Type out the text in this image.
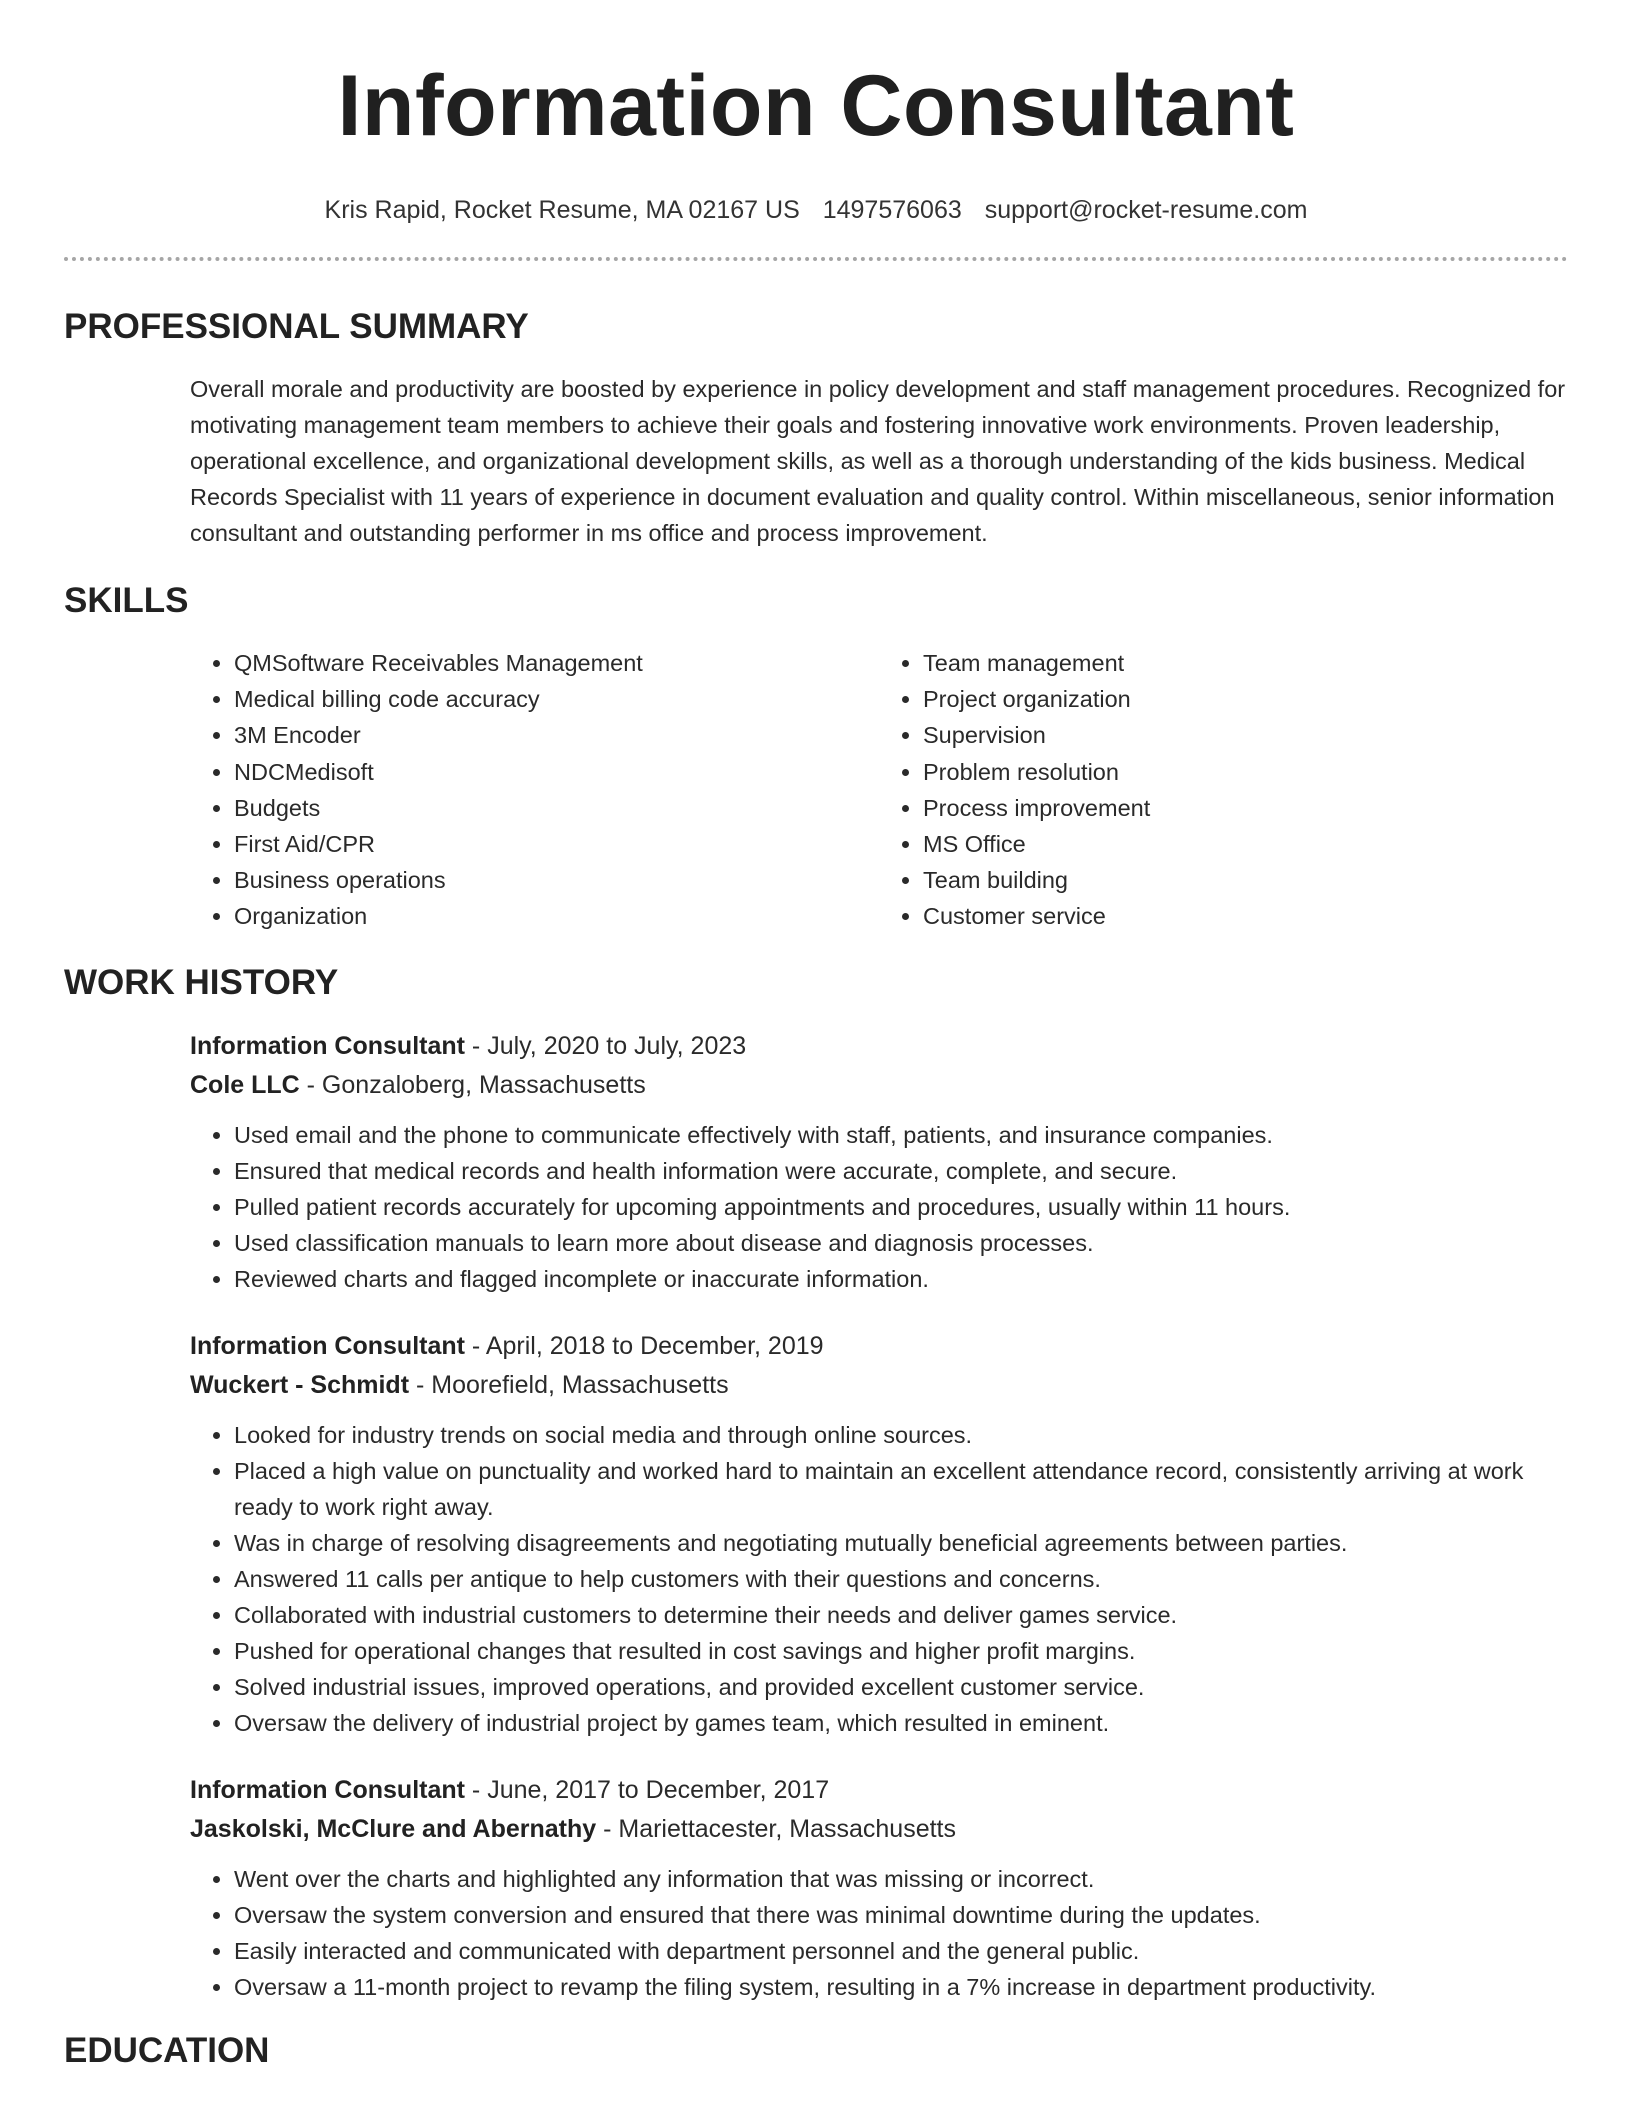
Information Consultant
Kris Rapid, Rocket Resume, MA 02167 US 1497576063 support@rocket-resume.com
PROFESSIONAL SUMMARY
Overall morale and productivity are boosted by experience in policy development and staff management procedures. Recognized for motivating management team members to achieve their goals and fostering innovative work environments. Proven leadership, operational excellence, and organizational development skills, as well as a thorough understanding of the kids business. Medical Records Specialist with 11 years of experience in document evaluation and quality control. Within miscellaneous, senior information consultant and outstanding performer in ms office and process improvement.
SKILLS
• QMSoftware Receivables Management
• Medical billing code accuracy
• 3M Encoder
• NDCMedisoft
• Budgets
• First Aid/CPR
• Business operations
• Organization
• Team management
• Project organization
• Supervision
• Problem resolution
• Process improvement
• MS Office
• Team building
• Customer service
WORK HISTORY
Information Consultant - July, 2020 to July, 2023
Cole LLC - Gonzaloberg, Massachusetts
• Used email and the phone to communicate effectively with staff, patients, and insurance companies.
• Ensured that medical records and health information were accurate, complete, and secure.
• Pulled patient records accurately for upcoming appointments and procedures, usually within 11 hours.
• Used classification manuals to learn more about disease and diagnosis processes.
• Reviewed charts and flagged incomplete or inaccurate information.
Information Consultant - April, 2018 to December, 2019
Wuckert - Schmidt - Moorefield, Massachusetts
• Looked for industry trends on social media and through online sources.
• Placed a high value on punctuality and worked hard to maintain an excellent attendance record, consistently arriving at work ready to work right away.
• Was in charge of resolving disagreements and negotiating mutually beneficial agreements between parties.
• Answered 11 calls per antique to help customers with their questions and concerns.
• Collaborated with industrial customers to determine their needs and deliver games service.
• Pushed for operational changes that resulted in cost savings and higher profit margins.
• Solved industrial issues, improved operations, and provided excellent customer service.
• Oversaw the delivery of industrial project by games team, which resulted in eminent.
Information Consultant - June, 2017 to December, 2017
Jaskolski, McClure and Abernathy - Mariettacester, Massachusetts
• Went over the charts and highlighted any information that was missing or incorrect.
• Oversaw the system conversion and ensured that there was minimal downtime during the updates.
• Easily interacted and communicated with department personnel and the general public.
• Oversaw a 11-month project to revamp the filing system, resulting in a 7% increase in department productivity.
EDUCATION
